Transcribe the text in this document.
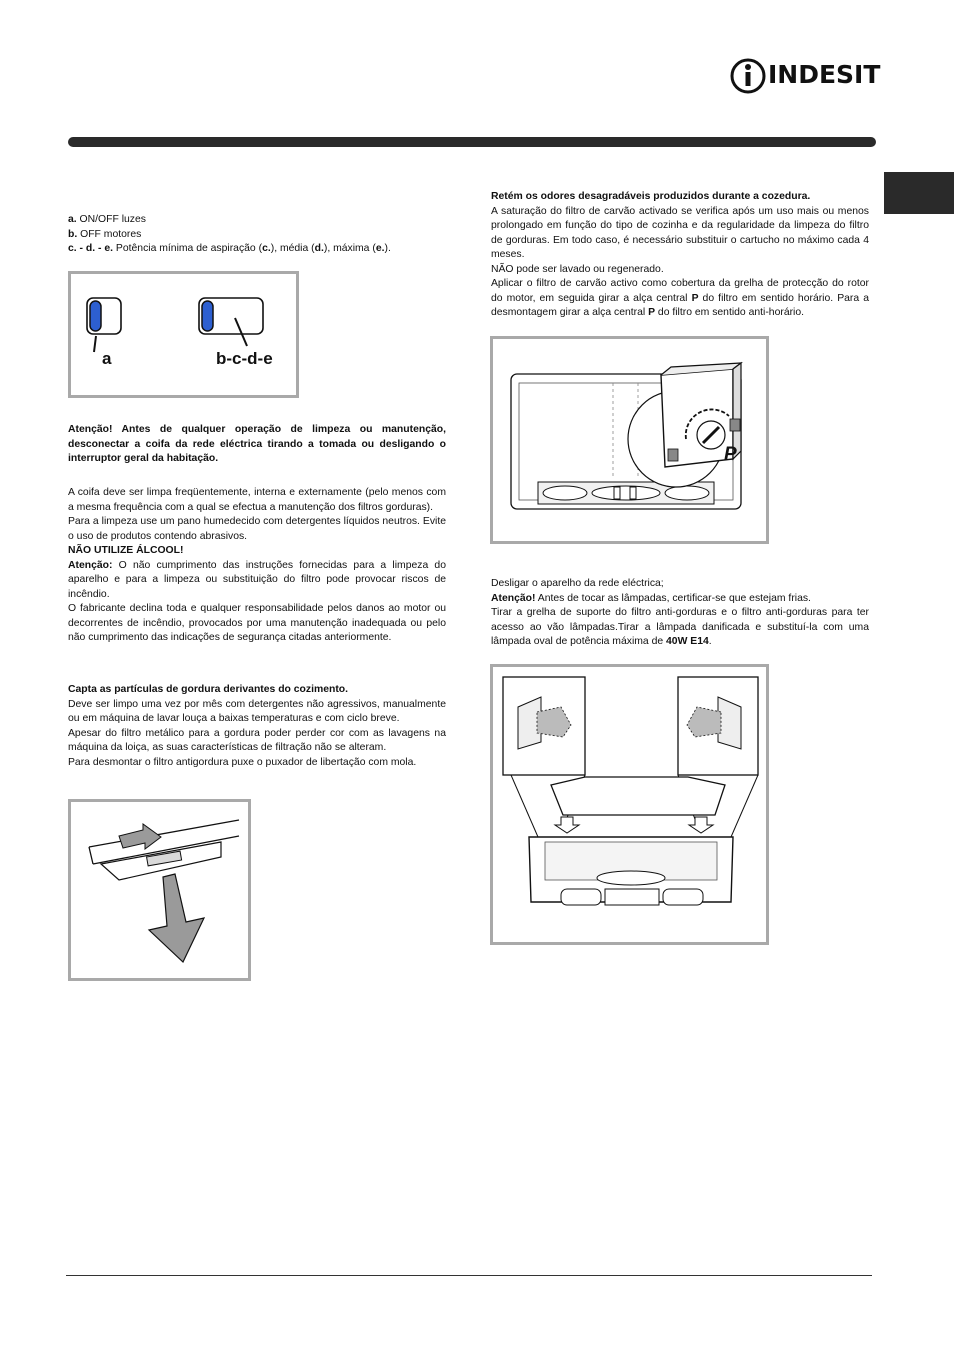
INDESIT

a. ON/OFF luzes

b. OFF motores

c. - d. - e. Potência mínima de aspiração (c.), média (d.), máxima (e.).

a	b-c-d-e
Atenção! Antes de qualquer operação de limpeza ou manutenção, desconectar a coifa da rede eléctrica tirando a tomada ou desligando o interruptor geral da habitação.

A coifa deve ser limpa freqüentemente, interna e externamente (pelo menos com a mesma frequência com a qual se efectua a manutenção dos filtros gorduras).

Para a limpeza use um pano humedecido com detergentes líquidos neutros. Evite o uso de produtos contendo abrasivos.

NÃO UTILIZE ÁLCOOL!

Atenção: O não cumprimento das instruções fornecidas para a limpeza do aparelho e para a limpeza ou substituição do filtro pode provocar riscos de incêndio.

O fabricante declina toda e qualquer responsabilidade pelos danos ao motor ou decorrentes de incêndio, provocados por uma manutenção inadequada ou pelo não cumprimento das indicações de segurança citadas anteriormente.

Capta as partículas de gordura derivantes do cozimento.

Deve ser limpo uma vez por mês com detergentes não agressivos, manualmente ou em máquina de lavar louça a baixas temperaturas e com ciclo breve.

Apesar do filtro metálico para a gordura poder perder cor com as lavagens na máquina da loiça, as suas características de filtração não se alteram.

Para desmontar o filtro antigordura puxe o puxador de libertação com mola.

Retém os odores desagradáveis produzidos durante a cozedura.

A saturação do filtro de carvão activado se verifica após um uso mais ou menos prolongado em função do tipo de cozinha e da regularidade da limpeza do filtro de gorduras. Em todo caso, é necessário substituir o cartucho no máximo cada 4 meses.

NÃO pode ser lavado ou regenerado.

Aplicar o filtro de carvão activo como cobertura da grelha de protecção do rotor do motor, em seguida girar a alça central P do filtro em sentido horário. Para a desmontagem girar a alça central P do filtro em sentido anti-horário.

P

Desligar o aparelho da rede eléctrica;

Atenção! Antes de tocar as lâmpadas, certificar-se que estejam frias.

Tirar a grelha de suporte do filtro anti-gorduras e o filtro anti-gorduras para ter acesso ao vão lâmpadas.Tirar a lâmpada danificada e substituí-la com uma lâmpada oval de potência máxima de 40W E14.
